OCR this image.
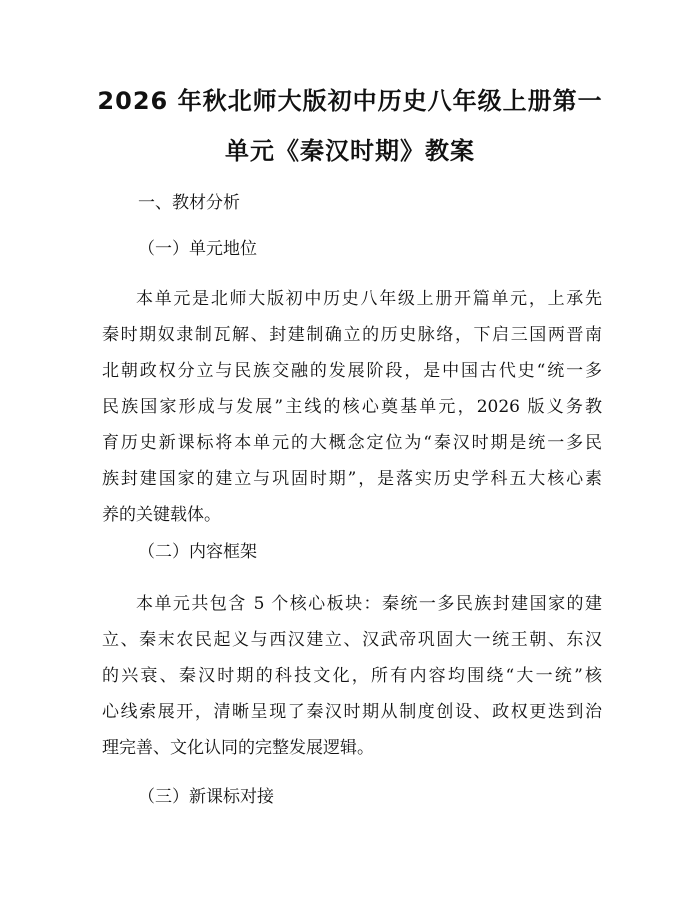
2026 年秋北师大版初中历史八年级上册第一
单元《秦汉时期》教案
一、教材分析
（一）单元地位
本单元是北师大版初中历史八年级上册开篇单元，上承先
秦时期奴隶制瓦解、封建制确立的历史脉络，下启三国两晋南
北朝政权分立与民族交融的发展阶段，是中国古代史“统一多
民族国家形成与发展”主线的核心奠基单元，2026 版义务教
育历史新课标将本单元的大概念定位为“秦汉时期是统一多民
族封建国家的建立与巩固时期”，是落实历史学科五大核心素
养的关键载体。
（二）内容框架
本单元共包含 5 个核心板块：秦统一多民族封建国家的建
立、秦末农民起义与西汉建立、汉武帝巩固大一统王朝、东汉
的兴衰、秦汉时期的科技文化，所有内容均围绕“大一统”核
心线索展开，清晰呈现了秦汉时期从制度创设、政权更迭到治
理完善、文化认同的完整发展逻辑。
（三）新课标对接
